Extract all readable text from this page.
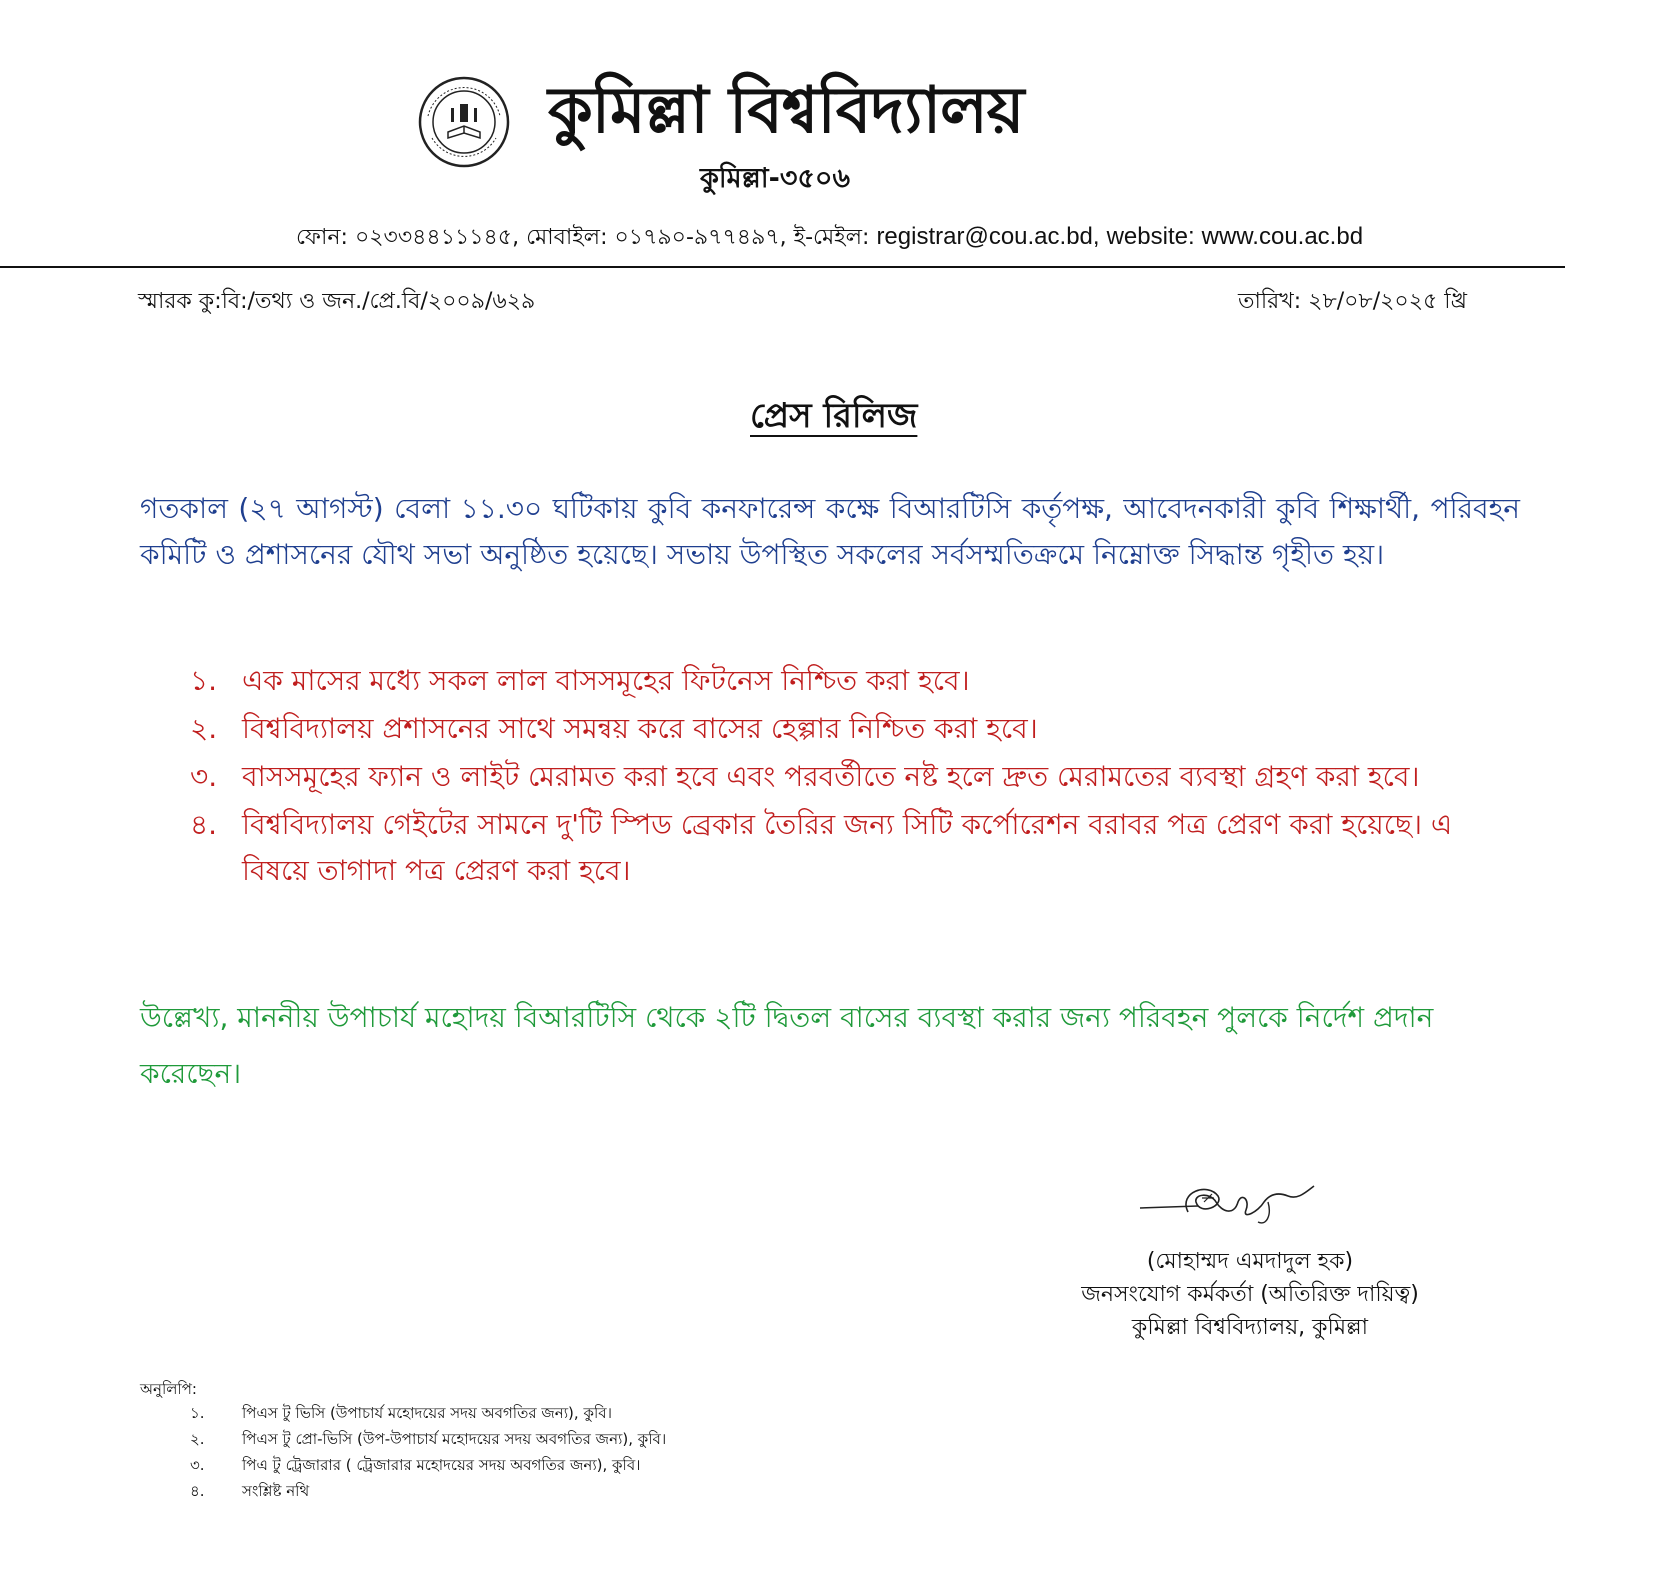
কুমিল্লা বিশ্ববিদ্যালয়
কুমিল্লা-৩৫০৬
ফোন: ০২৩৩৪৪১১১৪৫, মোবাইল: ০১৭৯০-৯৭৭৪৯৭, ই-মেইল: registrar@cou.ac.bd, website: www.cou.ac.bd
স্মারক কু:বি:/তথ্য ও জন./প্রে.বি/২০০৯/৬২৯	তারিখ: ২৮/০৮/২০২৫ খ্রি
প্রেস রিলিজ

গতকাল (২৭ আগস্ট) বেলা ১১.৩০ ঘটিকায় কুবি কনফারেন্স কক্ষে বিআরটিসি কর্তৃপক্ষ, আবেদনকারী কুবি শিক্ষার্থী, পরিবহন কমিটি ও প্রশাসনের যৌথ সভা অনুষ্ঠিত হয়েছে। সভায় উপস্থিত সকলের সর্বসম্মতিক্রমে নিম্নোক্ত সিদ্ধান্ত গৃহীত হয়।

১. এক মাসের মধ্যে সকল লাল বাসসমূহের ফিটনেস নিশ্চিত করা হবে।
২. বিশ্ববিদ্যালয় প্রশাসনের সাথে সমন্বয় করে বাসের হেল্পার নিশ্চিত করা হবে।
৩. বাসসমূহের ফ্যান ও লাইট মেরামত করা হবে এবং পরবর্তীতে নষ্ট হলে দ্রুত মেরামতের ব্যবস্থা গ্রহণ করা হবে।
৪. বিশ্ববিদ্যালয় গেইটের সামনে দু'টি স্পিড ব্রেকার তৈরির জন্য সিটি কর্পোরেশন বরাবর পত্র প্রেরণ করা হয়েছে। এ বিষয়ে তাগাদা পত্র প্রেরণ করা হবে।

উল্লেখ্য, মাননীয় উপাচার্য মহোদয় বিআরটিসি থেকে ২টি দ্বিতল বাসের ব্যবস্থা করার জন্য পরিবহন পুলকে নির্দেশ প্রদান করেছেন।

(মোহাম্মদ এমদাদুল হক)
জনসংযোগ কর্মকর্তা (অতিরিক্ত দায়িত্ব)
কুমিল্লা বিশ্ববিদ্যালয়, কুমিল্লা
অনুলিপি:
১. পিএস টু ভিসি (উপাচার্য মহোদয়ের সদয় অবগতির জন্য), কুবি।
২. পিএস টু প্রো-ভিসি (উপ-উপাচার্য মহোদয়ের সদয় অবগতির জন্য), কুবি।
৩. পিএ টু ট্রেজারার ( ট্রেজারার মহোদয়ের সদয় অবগতির জন্য), কুবি।
৪. সংশ্লিষ্ট নথি
